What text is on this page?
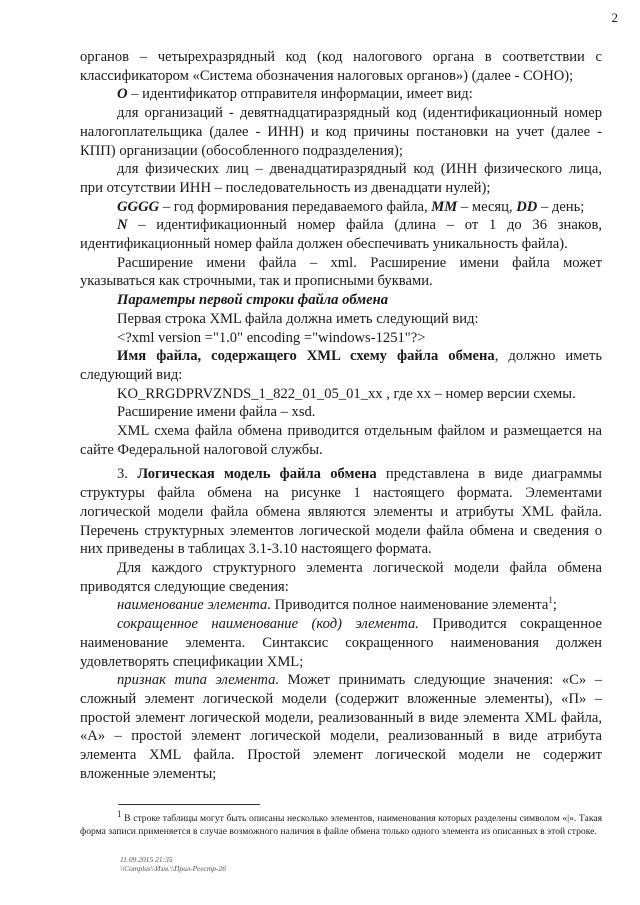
2

органов – четырехразрядный код (код налогового органа в соответствии с классификатором «Система обозначения налоговых органов») (далее - СОНО);

О – идентификатор отправителя информации, имеет вид:

для организаций - девятнадцатиразрядный код (идентификационный номер налогоплательщика (далее - ИНН) и код причины постановки на учет (далее - КПП) организации (обособленного подразделения);

для физических лиц – двенадцатиразрядный код (ИНН физического лица, при отсутствии ИНН – последовательность из двенадцати нулей);

GGGG – год формирования передаваемого файла, MM – месяц, DD – день;

N – идентификационный номер файла (длина – от 1 до 36 знаков, идентификационный номер файла должен обеспечивать уникальность файла).

Расширение имени файла – xml. Расширение имени файла может указываться как строчными, так и прописными буквами.

Параметры первой строки файла обмена

Первая строка XML файла должна иметь следующий вид:

<?xml version ="1.0" encoding ="windows-1251"?>

Имя файла, содержащего XML схему файла обмена, должно иметь следующий вид:

KO_RRGDPRVZNDS_1_822_01_05_01_xx , где xx – номер версии схемы.

Расширение имени файла – xsd.

XML схема файла обмена приводится отдельным файлом и размещается на сайте Федеральной налоговой службы.

3. Логическая модель файла обмена представлена в виде диаграммы структуры файла обмена на рисунке 1 настоящего формата. Элементами логической модели файла обмена являются элементы и атрибуты XML файла. Перечень структурных элементов логической модели файла обмена и сведения о них приведены в таблицах 3.1-3.10 настоящего формата.

Для каждого структурного элемента логической модели файла обмена приводятся следующие сведения:

наименование элемента. Приводится полное наименование элемента$^1$;

сокращенное наименование (код) элемента. Приводится сокращенное наименование элемента. Синтаксис сокращенного наименования должен удовлетворять спецификации XML;

признак типа элемента. Может принимать следующие значения: «С» – сложный элемент логической модели (содержит вложенные элементы), «П» – простой элемент логической модели, реализованный в виде элемента XML файла, «А» – простой элемент логической модели, реализованный в виде атрибута элемента XML файла. Простой элемент логической модели не содержит вложенные элементы;

$^1$ В строке таблицы могут быть описаны несколько элементов, наименования которых разделены символом «|». Такая форма записи применяется в случае возможного наличия в файле обмена только одного элемента из описанных в этой строке.

11.09.2015 21:35
\\Complus\\Изм.\\Прил-Реестр-26
